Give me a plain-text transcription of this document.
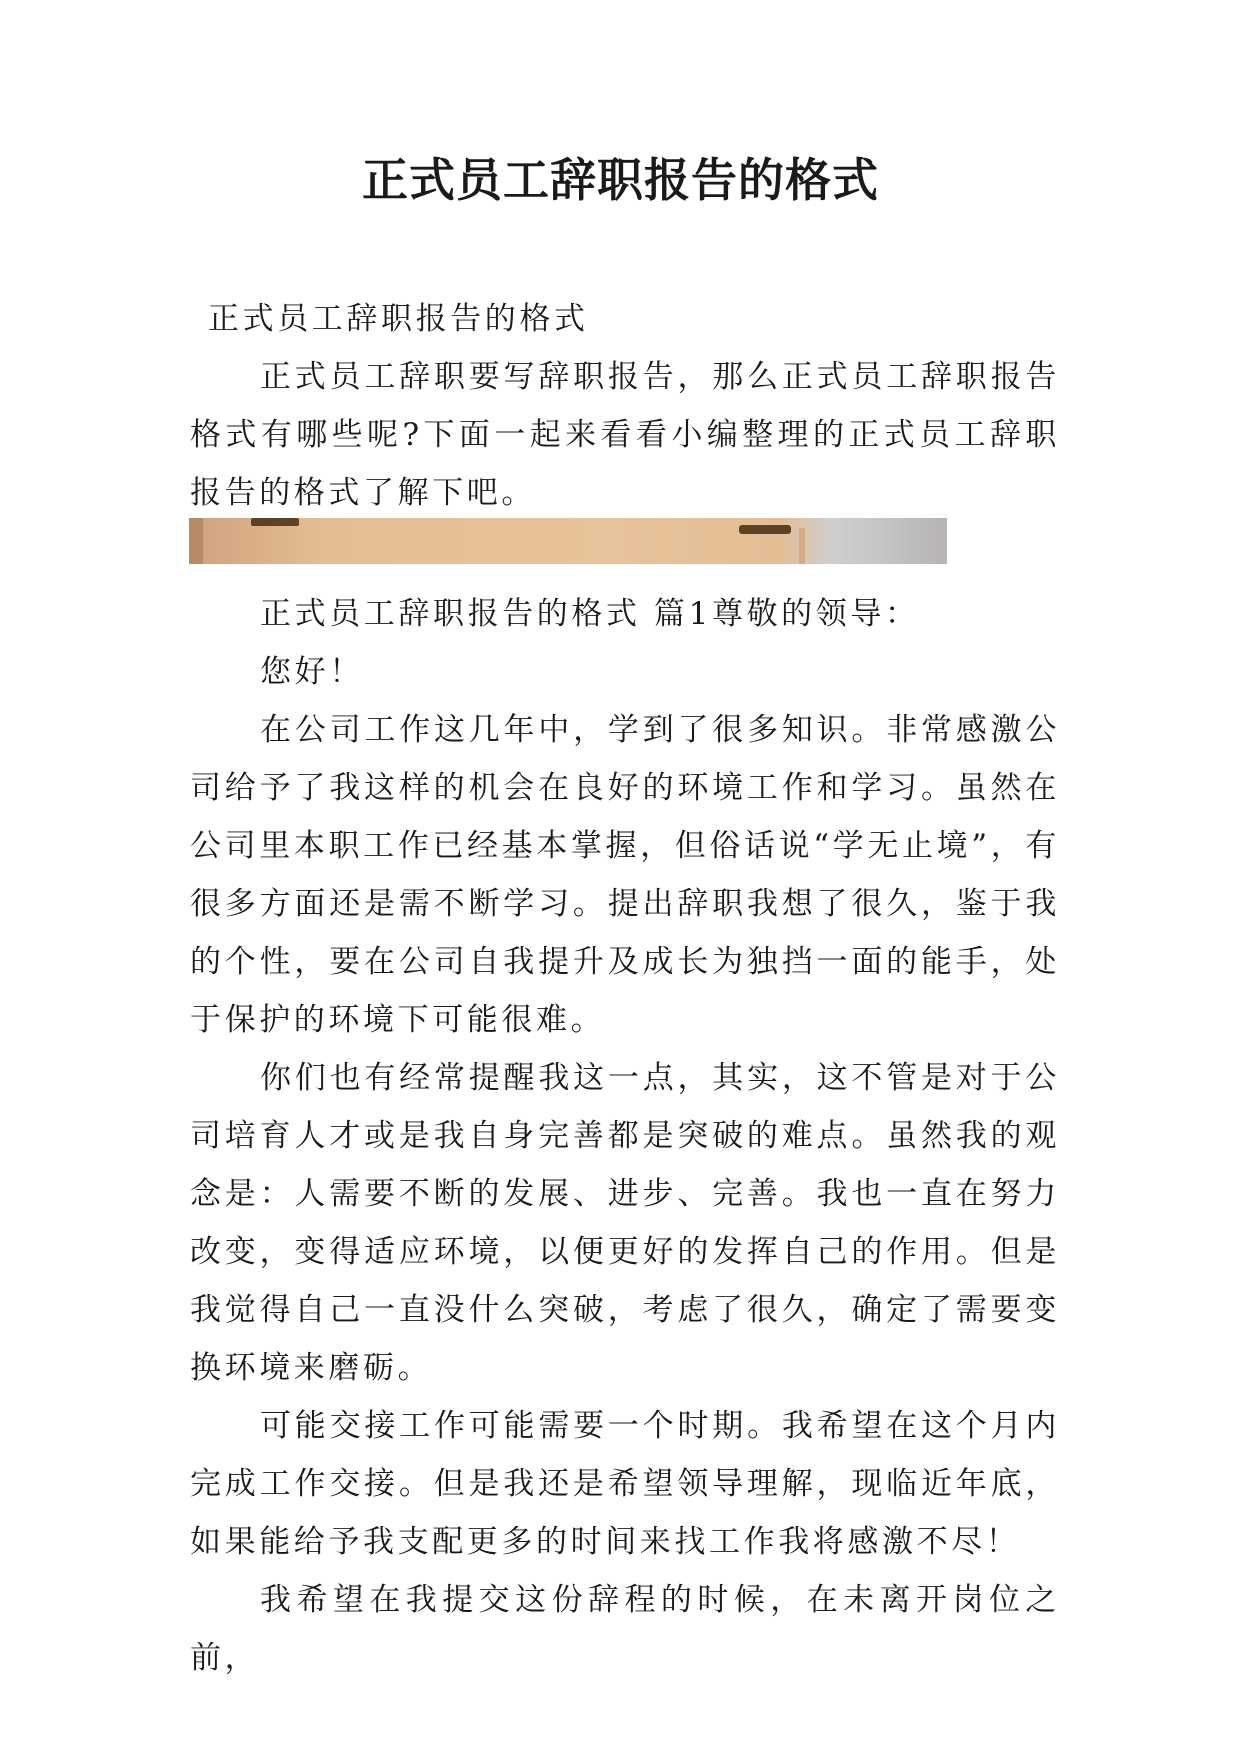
正式员工辞职报告的格式

正式员工辞职报告的格式

正式员工辞职要写辞职报告，那么正式员工辞职报告格式有哪些呢?下面一起来看看小编整理的正式员工辞职报告的格式了解下吧。

正式员工辞职报告的格式 篇1尊敬的领导：

您好！

在公司工作这几年中，学到了很多知识。非常感激公司给予了我这样的机会在良好的环境工作和学习。虽然在公司里本职工作已经基本掌握，但俗话说“学无止境”，有很多方面还是需不断学习。提出辞职我想了很久，鉴于我的个性，要在公司自我提升及成长为独挡一面的能手，处于保护的环境下可能很难。

你们也有经常提醒我这一点，其实，这不管是对于公司培育人才或是我自身完善都是突破的难点。虽然我的观念是：人需要不断的发展、进步、完善。我也一直在努力改变，变得适应环境，以便更好的发挥自己的作用。但是我觉得自己一直没什么突破，考虑了很久，确定了需要变换环境来磨砺。

可能交接工作可能需要一个时期。我希望在这个月内完成工作交接。但是我还是希望领导理解，现临近年底，如果能给予我支配更多的时间来找工作我将感激不尽！

我希望在我提交这份辞程的时候，在未离开岗位之前，
